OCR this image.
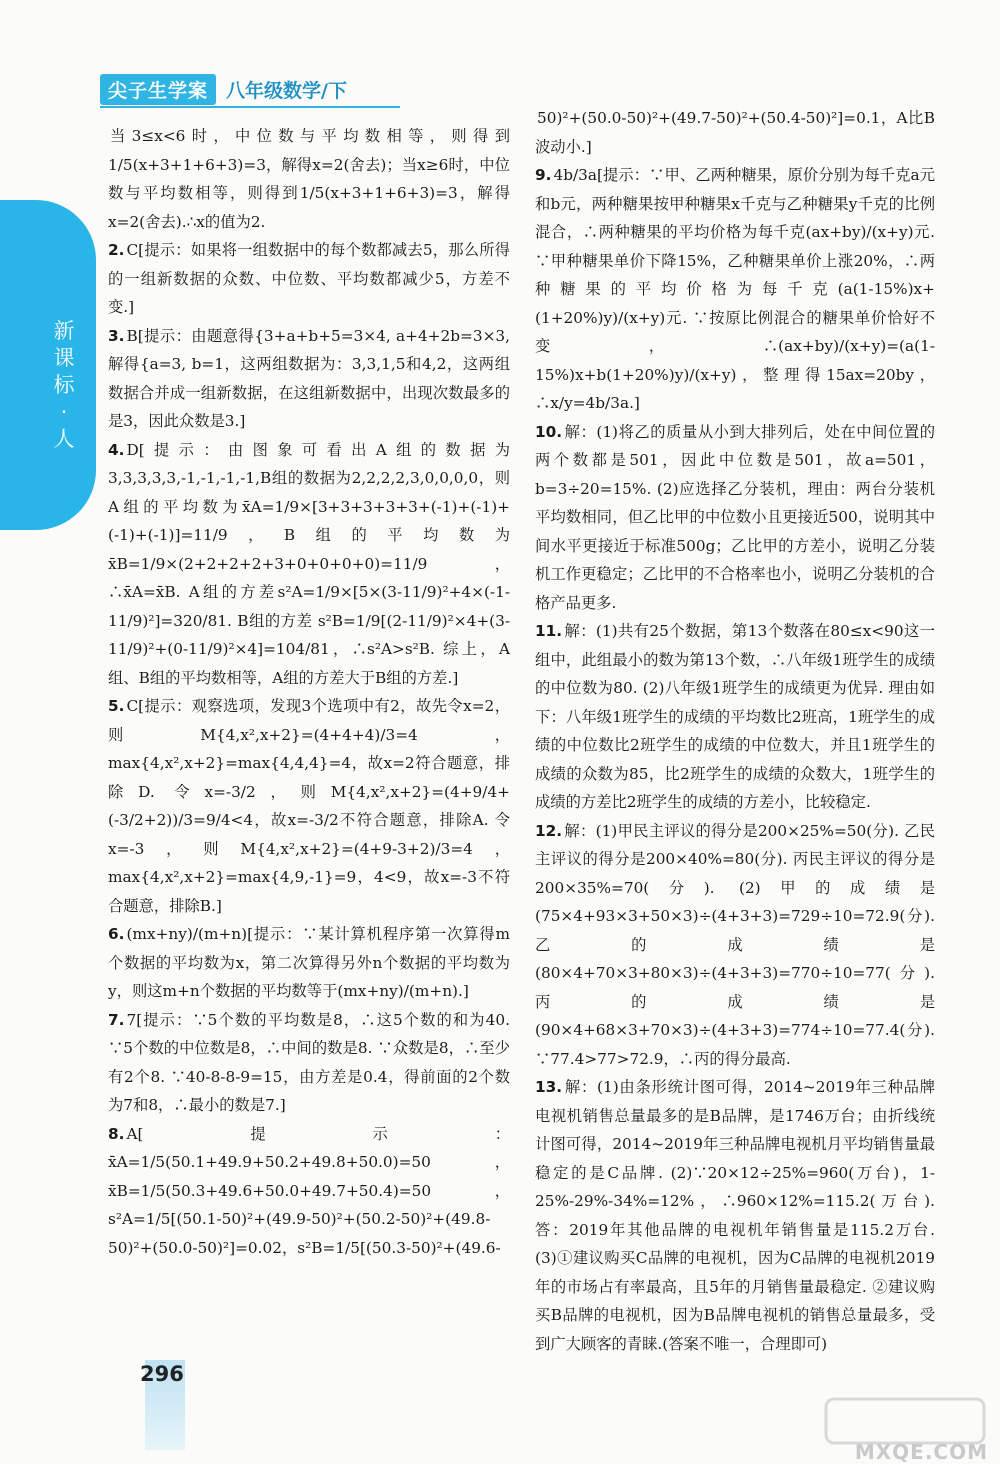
尖子生学案 八年级数学/下
新课标·人

当3≤x<6时，中位数与平均数相等，则得到1/5(x+3+1+6+3)=3，解得x=2(舍去)；当x≥6时，中位数与平均数相等，则得到1/5(x+3+1+6+3)=3，解得x=2(舍去).∴x的值为2.

2. C[提示：如果将一组数据中的每个数都减去5，那么所得的一组新数据的众数、中位数、平均数都减少5，方差不变.]

3. B[提示：由题意得{3+a+b+5=3×4, a+4+2b=3×3, 解得{a=3, b=1，这两组数据为：3,3,1,5和4,2，这两组数据合并成一组新数据，在这组新数据中，出现次数最多的是3，因此众数是3.]

4. D[提示：由图象可看出A组的数据为3,3,3,3,3,-1,-1,-1,-1,B组的数据为2,2,2,2,3,0,0,0,0，则A组的平均数为x̄A=1/9×[3+3+3+3+3+(-1)+(-1)+(-1)+(-1)]=11/9，B组的平均数为x̄B=1/9×(2+2+2+2+3+0+0+0+0)=11/9，∴x̄A=x̄B. A组的方差s²A=1/9×[5×(3-11/9)²+4×(-1-11/9)²]=320/81. B组的方差 s²B=1/9[(2-11/9)²×4+(3-11/9)²+(0-11/9)²×4]=104/81，∴s²A>s²B. 综上，A组、B组的平均数相等，A组的方差大于B组的方差.]

5. C[提示：观察选项，发现3个选项中有2，故先令x=2，则M{4,x²,x+2}=(4+4+4)/3=4，max{4,x²,x+2}=max{4,4,4}=4，故x=2符合题意，排除D. 令x=-3/2，则M{4,x²,x+2}=(4+9/4+(-3/2+2))/3=9/4<4，故x=-3/2不符合题意，排除A. 令x=-3，则M{4,x²,x+2}=(4+9-3+2)/3=4，max{4,x²,x+2}=max{4,9,-1}=9，4<9，故x=-3不符合题意，排除B.]

6. (mx+ny)/(m+n)[提示：∵某计算机程序第一次算得m个数据的平均数为x，第二次算得另外n个数据的平均数为y，则这m+n个数据的平均数等于(mx+ny)/(m+n).]

7. 7[提示：∵5个数的平均数是8，∴这5个数的和为40. ∵5个数的中位数是8，∴中间的数是8. ∵众数是8，∴至少有2个8. ∵40-8-8-9=15，由方差是0.4，得前面的2个数为7和8，∴最小的数是7.]

8. A[提示：x̄A=1/5(50.1+49.9+50.2+49.8+50.0)=50，x̄B=1/5(50.3+49.6+50.0+49.7+50.4)=50，s²A=1/5[(50.1-50)²+(49.9-50)²+(50.2-50)²+(49.8-50)²+(50.0-50)²]=0.02，s²B=1/5[(50.3-50)²+(49.6-

50)²+(50.0-50)²+(49.7-50)²+(50.4-50)²]=0.1，A比B波动小.]

9. 4b/3a[提示：∵甲、乙两种糖果，原价分别为每千克a元和b元，两种糖果按甲种糖果x千克与乙种糖果y千克的比例混合，∴两种糖果的平均价格为每千克(ax+by)/(x+y)元. ∵甲种糖果单价下降15%，乙种糖果单价上涨20%，∴两种糖果的平均价格为每千克(a(1-15%)x+(1+20%)y)/(x+y)元. ∵按原比例混合的糖果单价恰好不变，∴(ax+by)/(x+y)=(a(1-15%)x+b(1+20%)y)/(x+y)，整理得15ax=20by，∴x/y=4b/3a.]

10. 解：(1)将乙的质量从小到大排列后，处在中间位置的两个数都是501，因此中位数是501，故a=501，b=3÷20=15%. (2)应选择乙分装机，理由：两台分装机平均数相同，但乙比甲的中位数小且更接近500，说明其中间水平更接近于标准500g；乙比甲的方差小，说明乙分装机工作更稳定；乙比甲的不合格率也小，说明乙分装机的合格产品更多.

11. 解：(1)共有25个数据，第13个数落在80≤x<90这一组中，此组最小的数为第13个数，∴八年级1班学生的成绩的中位数为80. (2)八年级1班学生的成绩更为优异. 理由如下：八年级1班学生的成绩的平均数比2班高，1班学生的成绩的中位数比2班学生的成绩的中位数大，并且1班学生的成绩的众数为85，比2班学生的成绩的众数大，1班学生的成绩的方差比2班学生的成绩的方差小，比较稳定.

12. 解：(1)甲民主评议的得分是200×25%=50(分). 乙民主评议的得分是200×40%=80(分). 丙民主评议的得分是200×35%=70(分). (2)甲的成绩是(75×4+93×3+50×3)÷(4+3+3)=729÷10=72.9(分). 乙的成绩是(80×4+70×3+80×3)÷(4+3+3)=770÷10=77(分). 丙的成绩是(90×4+68×3+70×3)÷(4+3+3)=774÷10=77.4(分). ∵77.4>77>72.9，∴丙的得分最高.

13. 解：(1)由条形统计图可得，2014~2019年三种品牌电视机销售总量最多的是B品牌，是1746万台；由折线统计图可得，2014~2019年三种品牌电视机月平均销售量最稳定的是C品牌. (2)∵20×12÷25%=960(万台)，1-25%-29%-34%=12%，∴960×12%=115.2(万台). 答：2019年其他品牌的电视机年销售量是115.2万台. (3)①建议购买C品牌的电视机，因为C品牌的电视机2019年的市场占有率最高，且5年的月销售量最稳定. ②建议购买B品牌的电视机，因为B品牌电视机的销售总量最多，受到广大顾客的青睐.(答案不唯一，合理即可)

296
MXQE.COM
